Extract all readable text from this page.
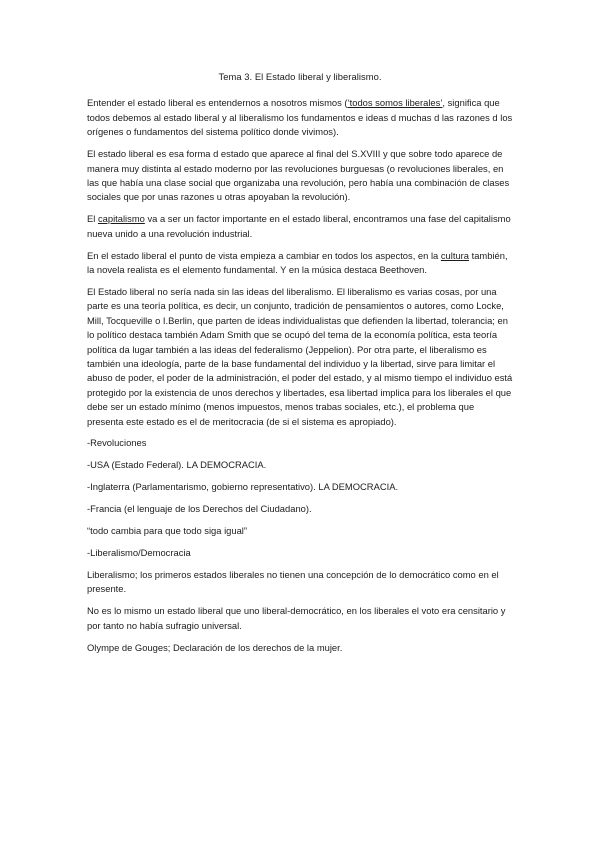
Tema 3. El Estado liberal y liberalismo.

Entender el estado liberal es entendernos a nosotros mismos (‘todos somos liberales’, significa que todos debemos al estado liberal y al liberalismo los fundamentos e ideas d muchas d las razones d los orígenes o fundamentos del sistema político donde vivimos).

El estado liberal es esa forma d estado que aparece al final del S.XVIII y que sobre todo aparece de manera muy distinta al estado moderno por las revoluciones burguesas (o revoluciones liberales, en las que había una clase social que organizaba una revolución, pero había una combinación de clases sociales que por unas razones u otras apoyaban la revolución).

El capitalismo va a ser un factor importante en el estado liberal, encontramos una fase del capitalismo nueva unido a una revolución industrial.

En el estado liberal el punto de vista empieza a cambiar en todos los aspectos, en la cultura también, la novela realista es el elemento fundamental. Y en la música destaca Beethoven.

El Estado liberal no sería nada sin las ideas del liberalismo. El liberalismo es varias cosas, por una parte es una teoría política, es decir, un conjunto, tradición de pensamientos o autores, como Locke, Mill, Tocqueville o I.Berlin, que parten de ideas individualistas que defienden la libertad, tolerancia; en lo político destaca también Adam Smith que se ocupó del tema de la economía política, esta teoría política da lugar también a las ideas del federalismo (Jeppelion). Por otra parte, el liberalismo es también una ideología, parte de la base fundamental del individuo y la libertad, sirve para limitar el abuso de poder, el poder de la administración, el poder del estado, y al mismo tiempo el individuo está protegido por la existencia de unos derechos y libertades, esa libertad implica para los liberales el que debe ser un estado mínimo (menos impuestos, menos trabas sociales, etc.), el problema que presenta este estado es el de meritocracia (de si el sistema es apropiado).

-Revoluciones

-USA (Estado Federal). LA DEMOCRACIA.

-Inglaterra (Parlamentarismo, gobierno representativo). LA DEMOCRACIA.

-Francia (el lenguaje de los Derechos del Ciudadano).

“todo cambia para que todo siga igual”

-Liberalismo/Democracia

Liberalismo; los primeros estados liberales no tienen una concepción de lo democrático como en el presente.

No es lo mismo un estado liberal que uno liberal-democrático, en los liberales el voto era censitario y por tanto no había sufragio universal.

Olympe de Gouges; Declaración de los derechos de la mujer.
